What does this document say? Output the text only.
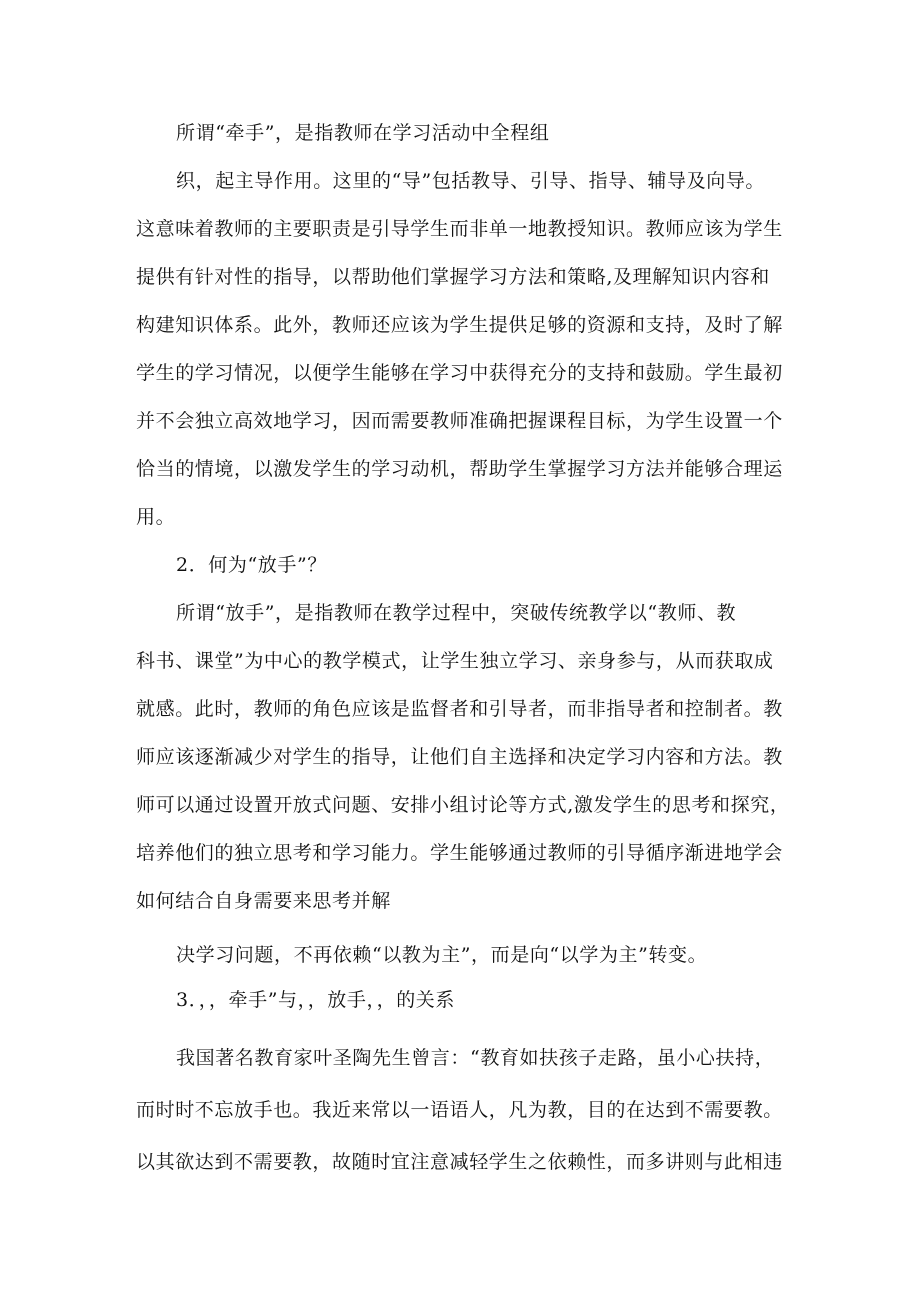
所谓“牵手”，是指教师在学习活动中全程组
织，起主导作用。这里的“导”包括教导、引导、指导、辅导及向导。
这意味着教师的主要职责是引导学生而非单一地教授知识。教师应该为学生
提供有针对性的指导，以帮助他们掌握学习方法和策略,及理解知识内容和
构建知识体系。此外，教师还应该为学生提供足够的资源和支持，及时了解
学生的学习情况，以便学生能够在学习中获得充分的支持和鼓励。学生最初
并不会独立高效地学习，因而需要教师准确把握课程目标，为学生设置一个
恰当的情境，以激发学生的学习动机，帮助学生掌握学习方法并能够合理运
用。
2．何为“放手”？
所谓“放手”，是指教师在教学过程中，突破传统教学以“教师、教
科书、课堂”为中心的教学模式，让学生独立学习、亲身参与，从而获取成
就感。此时，教师的角色应该是监督者和引导者，而非指导者和控制者。教
师应该逐渐减少对学生的指导，让他们自主选择和决定学习内容和方法。教
师可以通过设置开放式问题、安排小组讨论等方式,激发学生的思考和探究，
培养他们的独立思考和学习能力。学生能够通过教师的引导循序渐进地学会
如何结合自身需要来思考并解
决学习问题，不再依赖“以教为主”，而是向“以学为主”转变。
3．，，牵手”与，，放手，，的关系
我国著名教育家叶圣陶先生曾言：“教育如扶孩子走路，虽小心扶持，
而时时不忘放手也。我近来常以一语语人，凡为教，目的在达到不需要教。
以其欲达到不需要教，故随时宜注意减轻学生之依赖性，而多讲则与此相违
